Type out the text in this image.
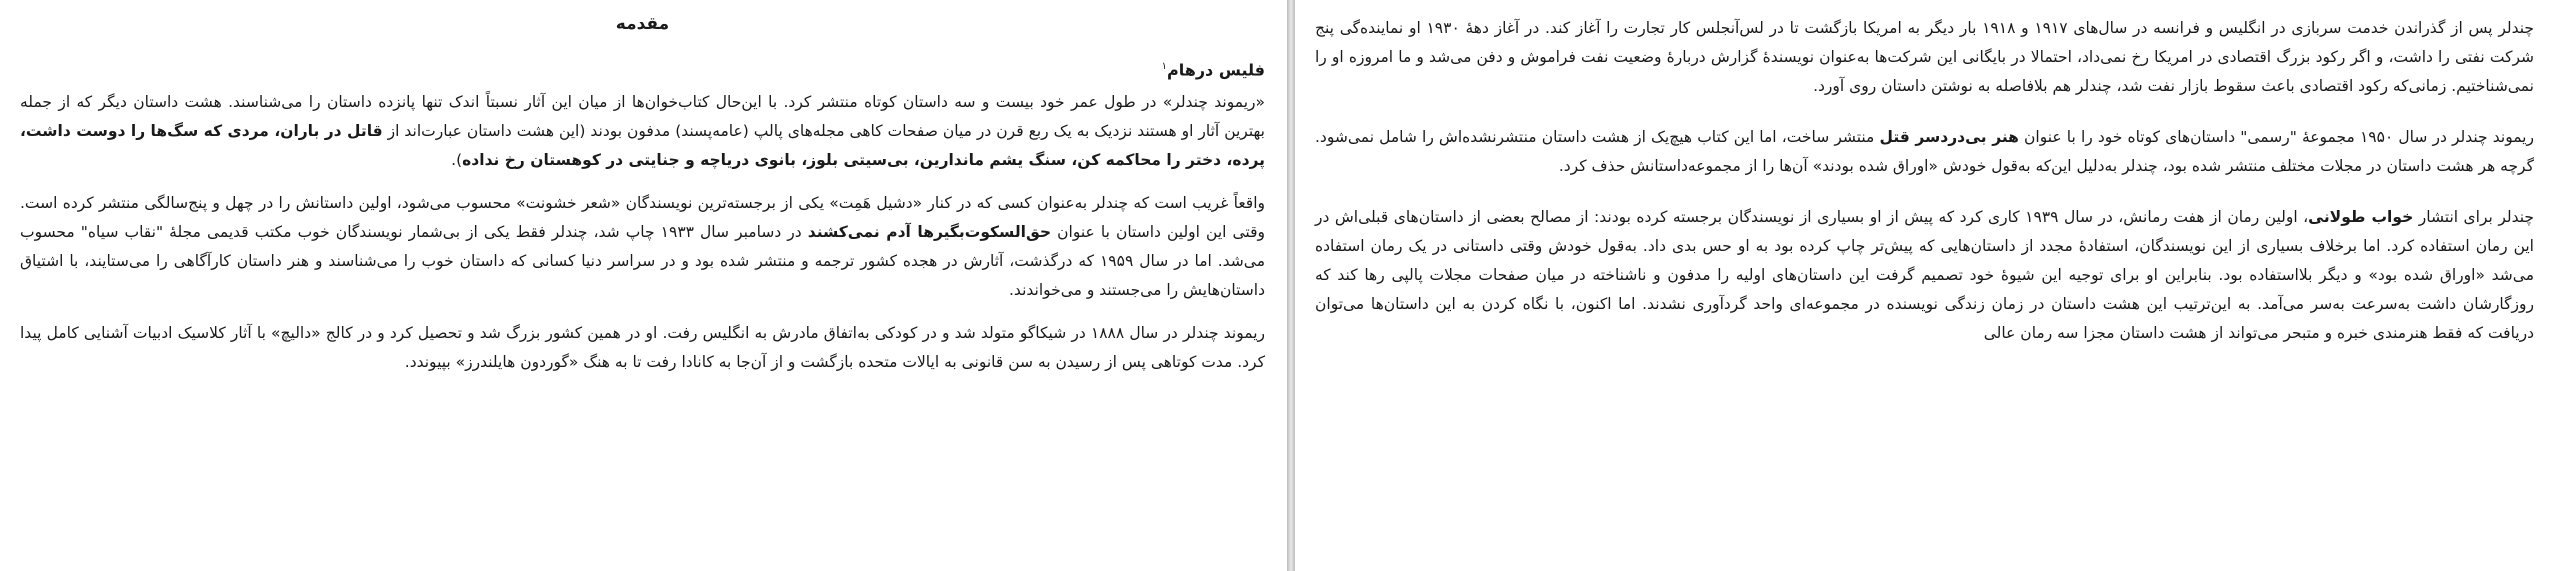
مقدمه
فلیس درهام$^۱$

«ریموند چندلر» در طول عمر خود بیست و سه داستان کوتاه منتشر کرد. با این‌حال کتاب‌خوان‌ها از میان این آثار نسبتاً اندک تنها پانزده داستان را می‌شناسند. هشت داستان دیگر که از جمله بهترین آثار او هستند نزدیک به یک ربع قرن در میان صفحات کاهی مجله‌های پالپ (عامه‌پسند) مدفون بودند (این هشت داستان عبارت‌اند از قاتل در باران، مردی که سگ‌ها را دوست داشت، پرده، دختر را محاکمه کن، سنگ یشم ماندارین، بی‌سیتی بلوز، بانوی دریاچه و جنایتی در کوهستان رخ نداده).

واقعاً غریب است که چندلر به‌عنوان کسی که در کنار «دشیل هَمِت» یکی از برجسته‌ترین نویسندگان «شعر خشونت» محسوب می‌شود، اولین داستانش را در چهل و پنج‌سالگی منتشر کرده است. وقتی این اولین داستان با عنوان حق‌السکوت‌بگیرها آدم نمی‌کشند در دسامبر سال ۱۹۳۳ چاپ شد، چندلر فقط یکی از بی‌شمار نویسندگان خوب مکتب قدیمی مجلهٔ "نقاب سیاه" محسوب می‌شد. اما در سال ۱۹۵۹ که درگذشت، آثارش در هجده کشور ترجمه و منتشر شده بود و در سراسر دنیا کسانی که داستان خوب را می‌شناسند و هنر داستان کارآگاهی را می‌ستایند، با اشتیاق داستان‌هایش را می‌جستند و می‌خواندند.

ریموند چندلر در سال ۱۸۸۸ در شیکاگو متولد شد و در کودکی به‌اتفاق مادرش به انگلیس رفت. او در همین کشور بزرگ شد و تحصیل کرد و در کالج «دالیچ» با آثار کلاسیک ادبیات آشنایی کامل پیدا کرد. مدت کوتاهی پس از رسیدن به سن قانونی به ایالات متحده بازگشت و از آن‌جا به کانادا رفت تا به هنگ «گوردون هایلندرز» بپیوندد.

چندلر پس از گذراندن خدمت سربازی در انگلیس و فرانسه در سال‌های ۱۹۱۷ و ۱۹۱۸ بار دیگر به امریکا بازگشت تا در لس‌آنجلس کار تجارت را آغاز کند. در آغاز دههٔ ۱۹۳۰ او نماینده‌گی پنج شرکت نفتی را داشت، و اگر رکود بزرگ اقتصادی در امریکا رخ نمی‌داد، احتمالا در بایگانی این شرکت‌ها به‌عنوان نویسندهٔ گزارش دربارهٔ وضعیت نفت فراموش و دفن می‌شد و ما امروزه او را نمی‌شناختیم. زمانی‌که رکود اقتصادی باعث سقوط بازار نفت شد، چندلر هم بلافاصله به نوشتن داستان روی آورد.

ریموند چندلر در سال ۱۹۵۰ مجموعهٔ "رسمی" داستان‌های کوتاه خود را با عنوان هنر بی‌دردسر قتل منتشر ساخت، اما این کتاب هیچ‌یک از هشت داستان منتشرنشده‌اش را شامل نمی‌شود. گرچه هر هشت داستان در مجلات مختلف منتشر شده بود، چندلر به‌دلیل این‌که به‌قول خودش «اوراق شده بودند» آن‌ها را از مجموعه‌داستانش حذف کرد.

چندلر برای انتشار خواب طولانی، اولین رمان از هفت رمانش، در سال ۱۹۳۹ کاری کرد که پیش از او بسیاری از نویسندگان برجسته کرده بودند: از مصالح بعضی از داستان‌های قبلی‌اش در این رمان استفاده کرد. اما برخلاف بسیاری از این نویسندگان، استفادهٔ مجدد از داستان‌هایی که پیش‌تر چاپ کرده بود به او حس بدی داد. به‌قول خودش وقتی داستانی در یک رمان استفاده می‌شد «اوراق شده بود» و دیگر بلااستفاده بود. بنابراین او برای توجیه این شیوهٔ خود تصمیم گرفت این داستان‌های اولیه را مدفون و ناشناخته در میان صفحات مجلات پالپی رها کند که روزگارشان داشت به‌سرعت به‌سر می‌آمد. به این‌ترتیب این هشت داستان در زمان زندگی نویسنده در مجموعه‌ای واحد گردآوری نشدند. اما اکنون، با نگاه کردن به این داستان‌ها می‌توان دریافت که فقط هنرمندی خبره و متبحر می‌تواند از هشت داستان مجزا سه رمان عالی
